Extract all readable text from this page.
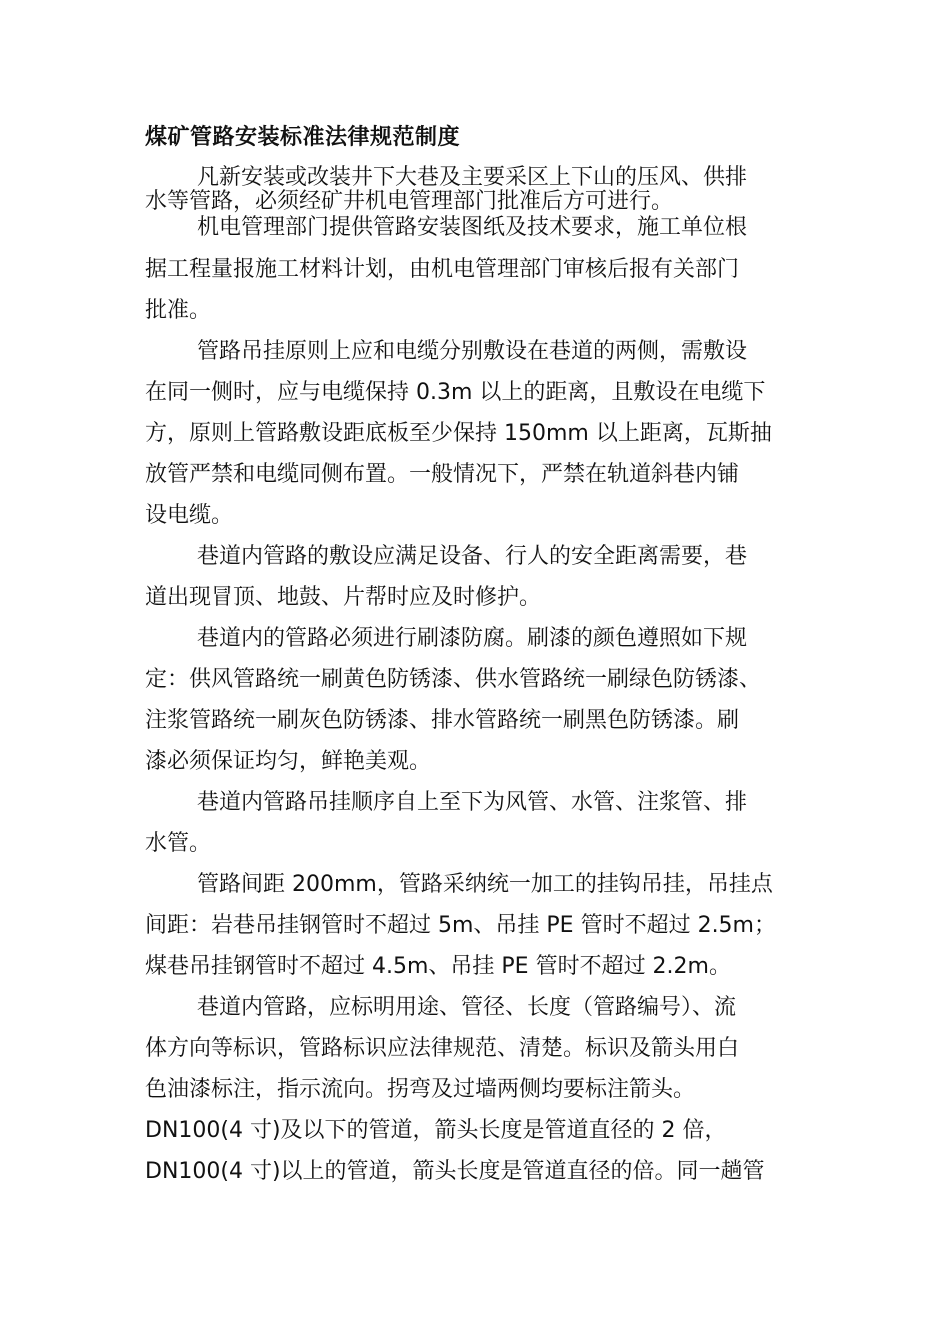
煤矿管路安装标准法律规范制度
凡新安装或改装井下大巷及主要采区上下山的压风、供排
水等管路，必须经矿井机电管理部门批准后方可进行。
机电管理部门提供管路安装图纸及技术要求，施工单位根
据工程量报施工材料计划，由机电管理部门审核后报有关部门
批准。
管路吊挂原则上应和电缆分别敷设在巷道的两侧，需敷设
在同一侧时，应与电缆保持 0.3m 以上的距离，且敷设在电缆下
方，原则上管路敷设距底板至少保持 150mm 以上距离，瓦斯抽
放管严禁和电缆同侧布置。一般情况下，严禁在轨道斜巷内铺
设电缆。
巷道内管路的敷设应满足设备、行人的安全距离需要，巷
道出现冒顶、地鼓、片帮时应及时修护。
巷道内的管路必须进行刷漆防腐。刷漆的颜色遵照如下规
定：供风管路统一刷黄色防锈漆、供水管路统一刷绿色防锈漆、
注浆管路统一刷灰色防锈漆、排水管路统一刷黑色防锈漆。刷
漆必须保证均匀，鲜艳美观。
巷道内管路吊挂顺序自上至下为风管、水管、注浆管、排
水管。
管路间距 200mm，管路采纳统一加工的挂钩吊挂，吊挂点
间距：岩巷吊挂钢管时不超过 5m、吊挂 PE 管时不超过 2.5m；
煤巷吊挂钢管时不超过 4.5m、吊挂 PE 管时不超过 2.2m。
巷道内管路，应标明用途、管径、长度（管路编号）、流
体方向等标识，管路标识应法律规范、清楚。标识及箭头用白
色油漆标注，指示流向。拐弯及过墙两侧均要标注箭头。
DN100(4 寸)及以下的管道，箭头长度是管道直径的 2 倍，
DN100(4 寸)以上的管道，箭头长度是管道直径的倍。同一趟管
